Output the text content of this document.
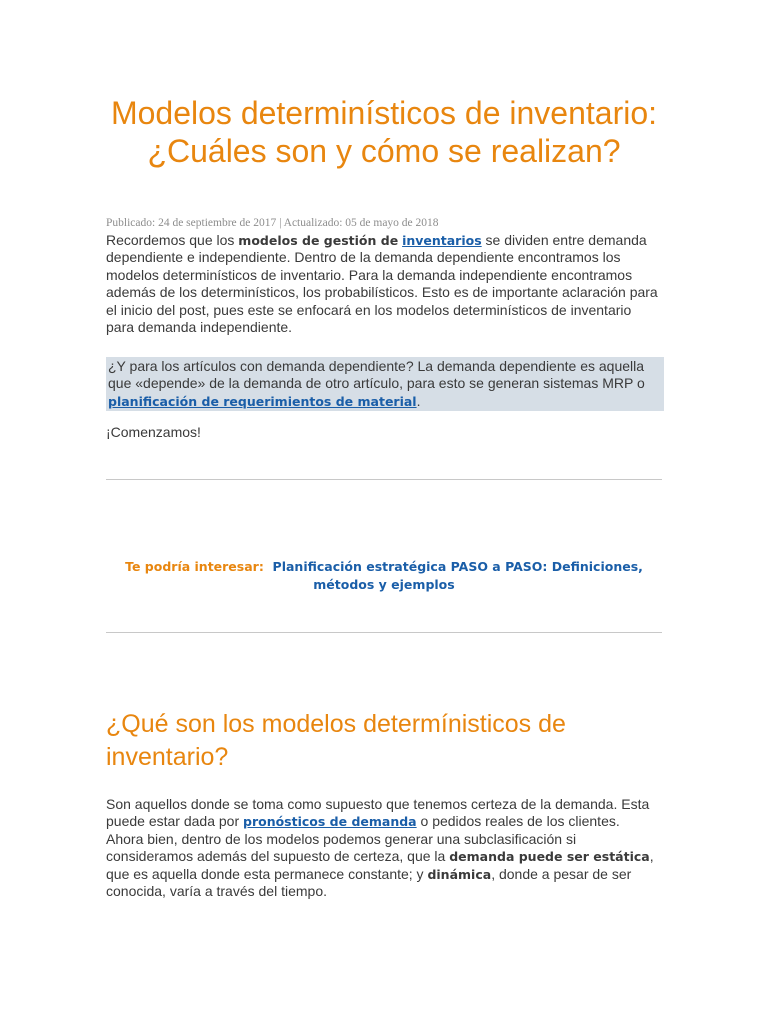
Modelos determinísticos de inventario: ¿Cuáles son y cómo se realizan?
Publicado: 24 de septiembre de 2017 | Actualizado: 05 de mayo de 2018

Recordemos que los modelos de gestión de inventarios se dividen entre demanda dependiente e independiente. Dentro de la demanda dependiente encontramos los modelos determinísticos de inventario. Para la demanda independiente encontramos además de los determinísticos, los probabilísticos. Esto es de importante aclaración para el inicio del post, pues este se enfocará en los modelos determinísticos de inventario para demanda independiente.

¿Y para los artículos con demanda dependiente? La demanda dependiente es aquella que «depende» de la demanda de otro artículo, para esto se generan sistemas MRP o planificación de requerimientos de material.

¡Comenzamos!

Te podría interesar: Planificación estratégica PASO a PASO: Definiciones, métodos y ejemplos
¿Qué son los modelos determínisticos de inventario?

Son aquellos donde se toma como supuesto que tenemos certeza de la demanda. Esta puede estar dada por pronósticos de demanda o pedidos reales de los clientes.
Ahora bien, dentro de los modelos podemos generar una subclasificación si consideramos además del supuesto de certeza, que la demanda puede ser estática, que es aquella donde esta permanece constante; y dinámica, donde a pesar de ser conocida, varía a través del tiempo.
